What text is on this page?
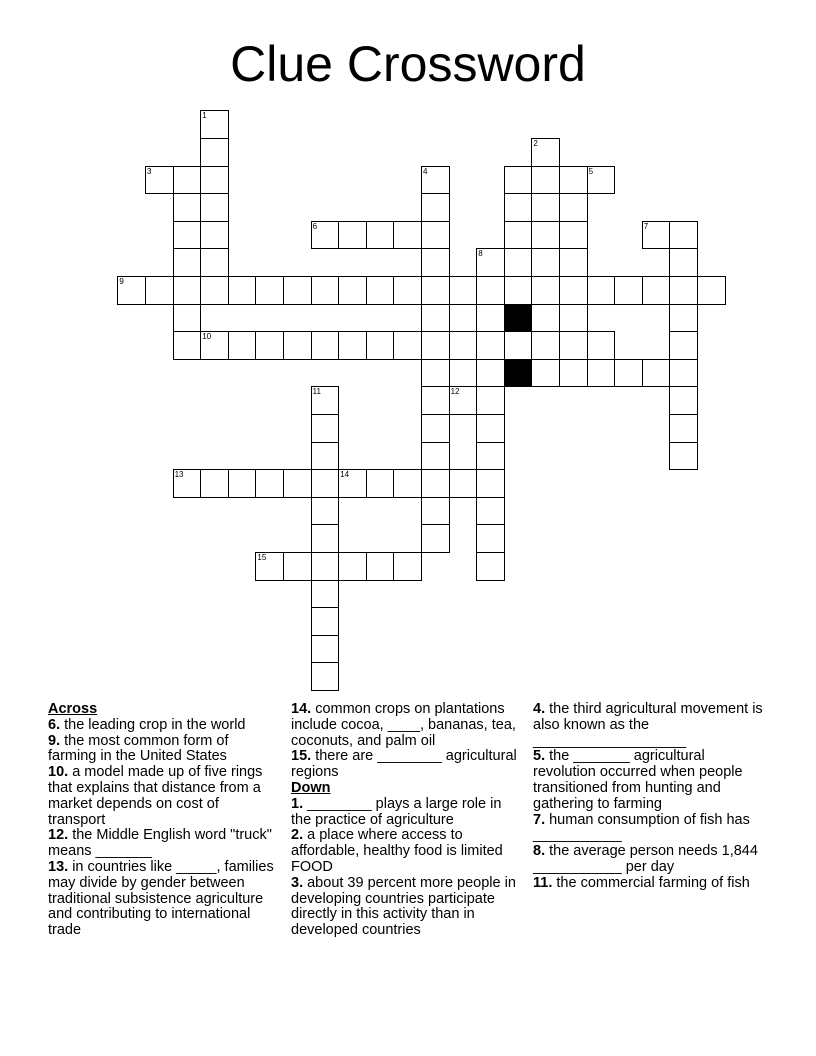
Clue Crossword
9
1
2
4
6
8
11
14
3	5
7
10
12
13
15
Across
6. the leading crop in the world
9. the most common form of farming in the United States
10. a model made up of five rings that explains that distance from a market depends on cost of transport
12. the Middle English word "truck" means _______
13. in countries like _____, families may divide by gender between traditional subsistence agriculture and contributing to international trade
14. common crops on plantations include cocoa, ____, bananas, tea, coconuts, and palm oil
15. there are ________ agricultural regions
Down
1. ________ plays a large role in the practice of agriculture
2. a place where access to affordable, healthy food is limited FOOD
3. about 39 percent more people in developing countries participate directly in this activity than in developed countries
4. the third agricultural movement is also known as the ___________________
5. the _______ agricultural revolution occurred when people transitioned from hunting and gathering to farming
7. human consumption of fish has ___________
8. the average person needs 1,844 ___________ per day
11. the commercial farming of fish
